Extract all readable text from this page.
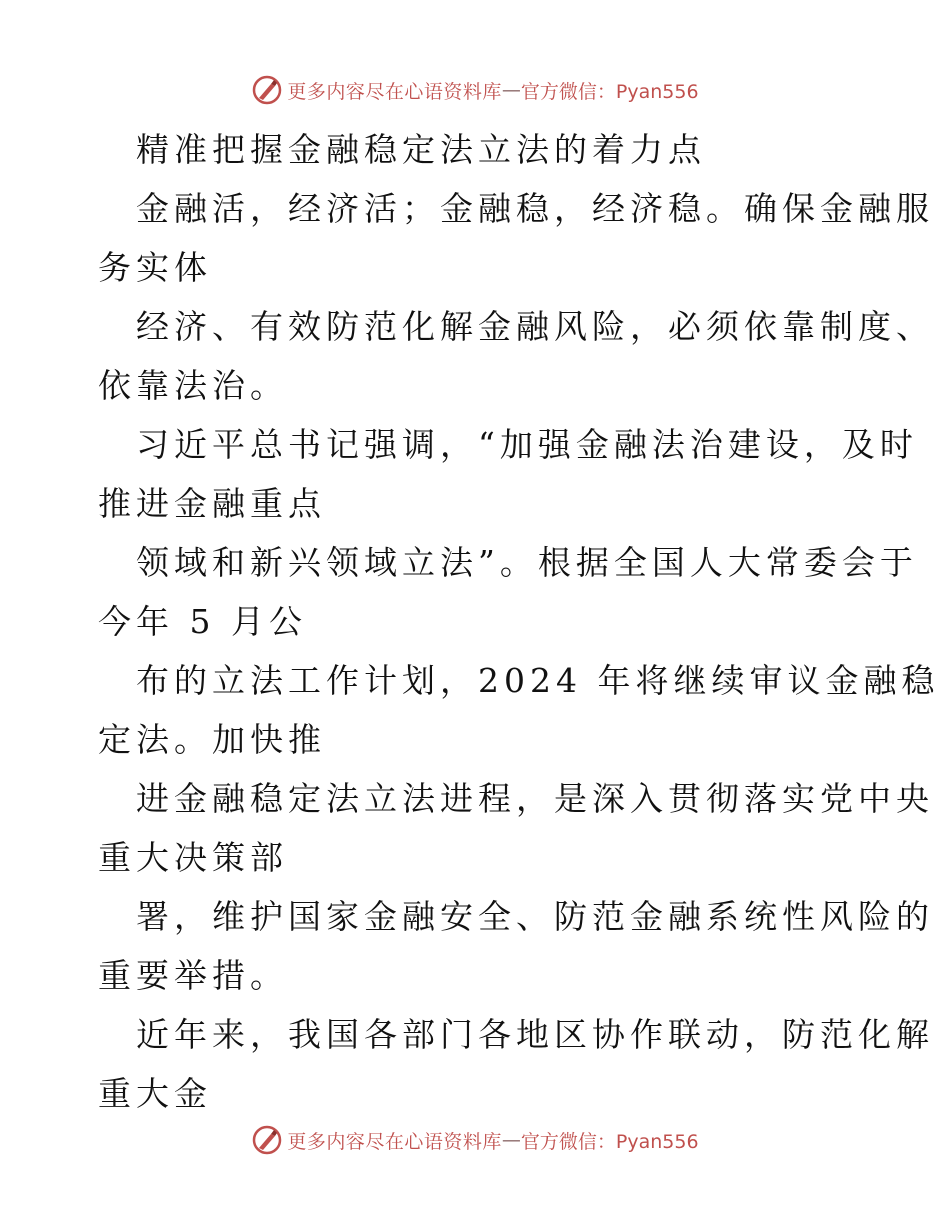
更多内容尽在心语资料库 — 官方微信：Pyan556
精准把握金融稳定法立法的着力点
金融活，经济活；金融稳，经济稳。确保金融服
务实体
经济、有效防范化解金融风险，必须依靠制度、
依靠法治。
习近平总书记强调，“加强金融法治建设，及时
推进金融重点
领域和新兴领域立法”。根据全国人大常委会于
今年 5 月公
布的立法工作计划，2024 年将继续审议金融稳
定法。加快推
进金融稳定法立法进程，是深入贯彻落实党中央
重大决策部
署，维护国家金融安全、防范金融系统性风险的
重要举措。
近年来，我国各部门各地区协作联动，防范化解
重大金
更多内容尽在心语资料库 — 官方微信：Pyan556
